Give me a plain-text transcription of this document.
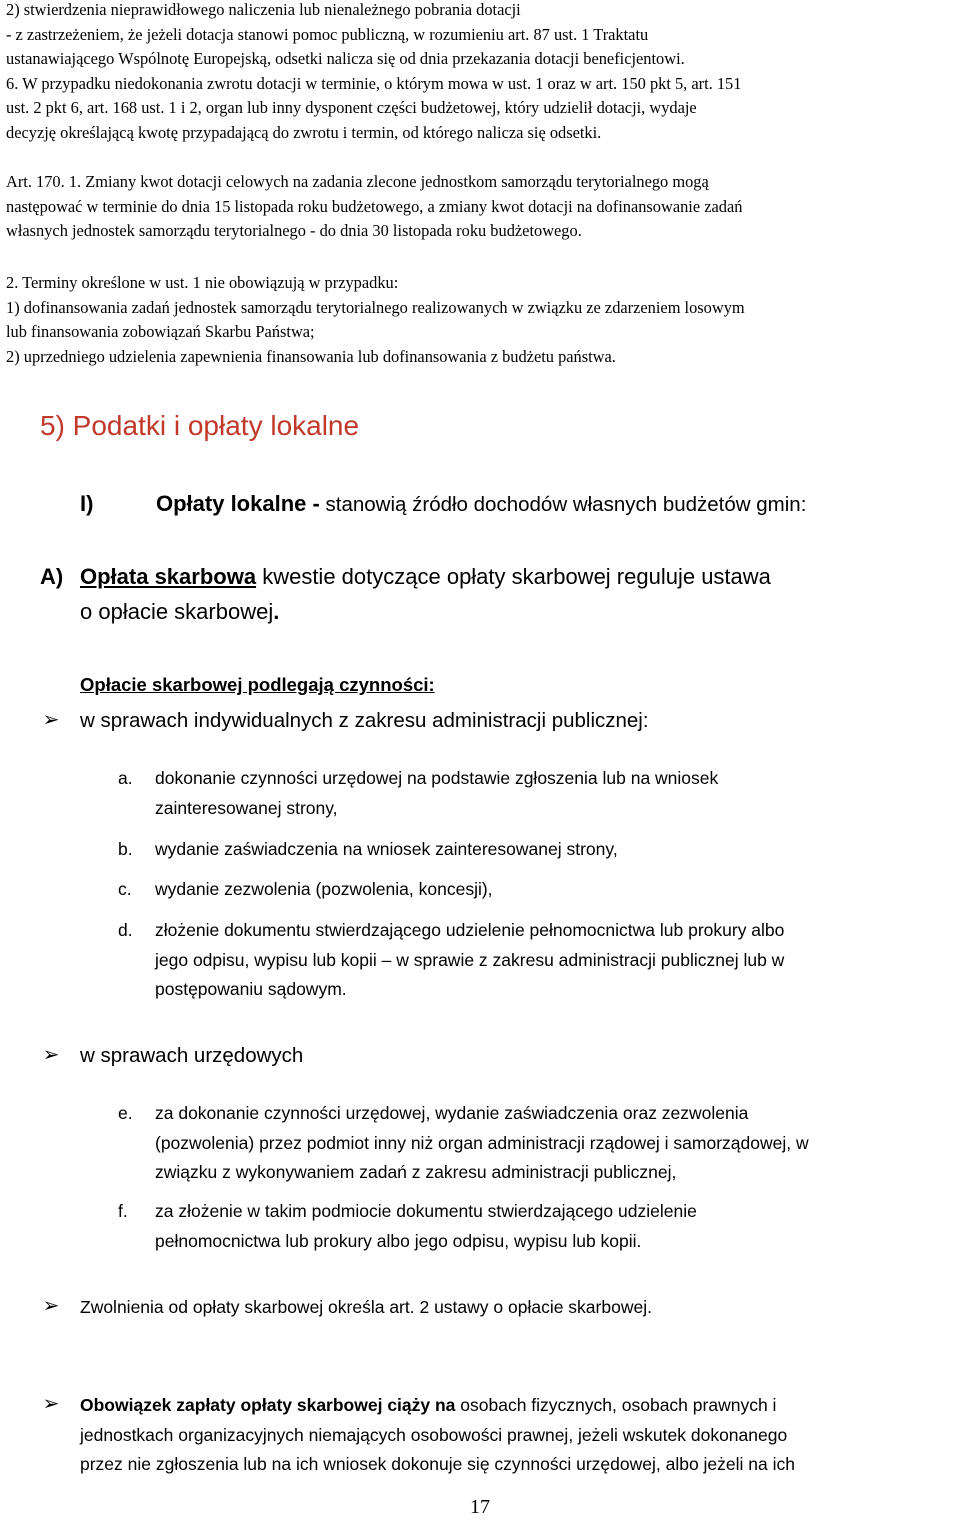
2) stwierdzenia nieprawidłowego naliczenia lub nienależnego pobrania dotacji
- z zastrzeżeniem, że jeżeli dotacja stanowi pomoc publiczną, w rozumieniu art. 87 ust. 1 Traktatu
ustanawiającego Wspólnotę Europejską, odsetki nalicza się od dnia przekazania dotacji beneficjentowi.
6. W przypadku niedokonania zwrotu dotacji w terminie, o którym mowa w ust. 1 oraz w art. 150 pkt 5, art. 151
ust. 2 pkt 6, art. 168 ust. 1 i 2, organ lub inny dysponent części budżetowej, który udzielił dotacji, wydaje
decyzję określającą kwotę przypadającą do zwrotu i termin, od którego nalicza się odsetki.
Art. 170. 1. Zmiany kwot dotacji celowych na zadania zlecone jednostkom samorządu terytorialnego mogą
następować w terminie do dnia 15 listopada roku budżetowego, a zmiany kwot dotacji na dofinansowanie zadań
własnych jednostek samorządu terytorialnego - do dnia 30 listopada roku budżetowego.
2. Terminy określone w ust. 1 nie obowiązują w przypadku:
1) dofinansowania zadań jednostek samorządu terytorialnego realizowanych w związku ze zdarzeniem losowym
lub finansowania zobowiązań Skarbu Państwa;
2) uprzedniego udzielenia zapewnienia finansowania lub dofinansowania z budżetu państwa.
5) Podatki i opłaty lokalne
I)	Opłaty lokalne - stanowią źródło dochodów własnych budżetów gmin:
A) Opłata skarbowa kwestie dotyczące opłaty skarbowej reguluje ustawa
o opłacie skarbowej.
Opłacie skarbowej podlegają czynności:
➢ w sprawach indywidualnych z zakresu administracji publicznej:
a. dokonanie czynności urzędowej na podstawie zgłoszenia lub na wniosek
zainteresowanej strony,
b. wydanie zaświadczenia na wniosek zainteresowanej strony,
c. wydanie zezwolenia (pozwolenia, koncesji),
d. złożenie dokumentu stwierdzającego udzielenie pełnomocnictwa lub prokury albo
jego odpisu, wypisu lub kopii – w sprawie z zakresu administracji publicznej lub w
postępowaniu sądowym.
➢ w sprawach urzędowych
e. za dokonanie czynności urzędowej, wydanie zaświadczenia oraz zezwolenia
(pozwolenia) przez podmiot inny niż organ administracji rządowej i samorządowej, w
związku z wykonywaniem zadań z zakresu administracji publicznej,
f. za złożenie w takim podmiocie dokumentu stwierdzającego udzielenie
pełnomocnictwa lub prokury albo jego odpisu, wypisu lub kopii.
➢ Zwolnienia od opłaty skarbowej określa art. 2 ustawy o opłacie skarbowej.
➢ Obowiązek zapłaty opłaty skarbowej ciąży na osobach fizycznych, osobach prawnych i
jednostkach organizacyjnych niemających osobowości prawnej, jeżeli wskutek dokonanego
przez nie zgłoszenia lub na ich wniosek dokonuje się czynności urzędowej, albo jeżeli na ich
17
